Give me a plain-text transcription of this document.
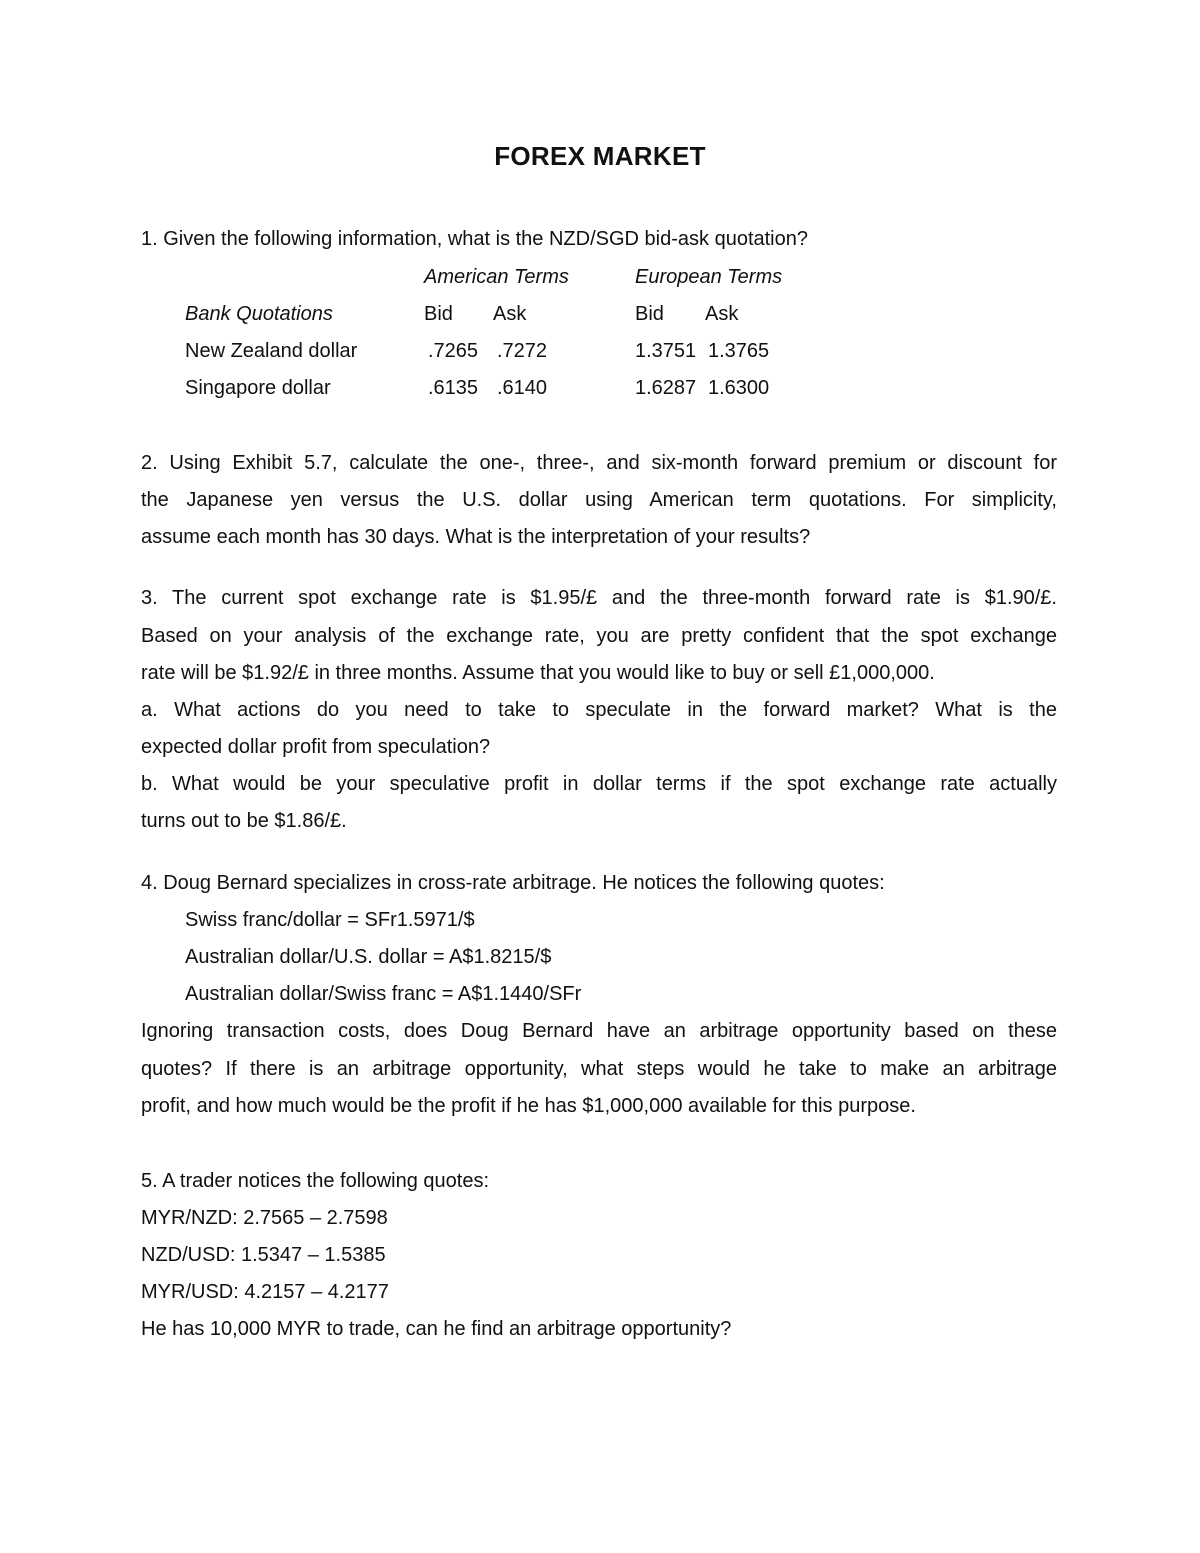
FOREX MARKET
1. Given the following information, what is the NZD/SGD bid-ask quotation?
American Terms	European Terms
Bank Quotations	Bid Ask	Bid Ask
New Zealand dollar	.7265 .7272	1.3751 1.3765
Singapore dollar	.6135 .6140	1.6287 1.6300
2. Using Exhibit 5.7, calculate the one-, three-, and six-month forward premium or discount for
the Japanese yen versus the U.S. dollar using American term quotations. For simplicity,
assume each month has 30 days. What is the interpretation of your results?
3. The current spot exchange rate is $1.95/£ and the three-month forward rate is $1.90/£.
Based on your analysis of the exchange rate, you are pretty confident that the spot exchange
rate will be $1.92/£ in three months. Assume that you would like to buy or sell £1,000,000.
a. What actions do you need to take to speculate in the forward market? What is the
expected dollar profit from speculation?
b. What would be your speculative profit in dollar terms if the spot exchange rate actually
turns out to be $1.86/£.
4. Doug Bernard specializes in cross-rate arbitrage. He notices the following quotes:
Swiss franc/dollar = SFr1.5971/$
Australian dollar/U.S. dollar = A$1.8215/$
Australian dollar/Swiss franc = A$1.1440/SFr
Ignoring transaction costs, does Doug Bernard have an arbitrage opportunity based on these
quotes? If there is an arbitrage opportunity, what steps would he take to make an arbitrage
profit, and how much would be the profit if he has $1,000,000 available for this purpose.
5. A trader notices the following quotes:
MYR/NZD: 2.7565 – 2.7598
NZD/USD: 1.5347 – 1.5385
MYR/USD: 4.2157 – 4.2177
He has 10,000 MYR to trade, can he find an arbitrage opportunity?
